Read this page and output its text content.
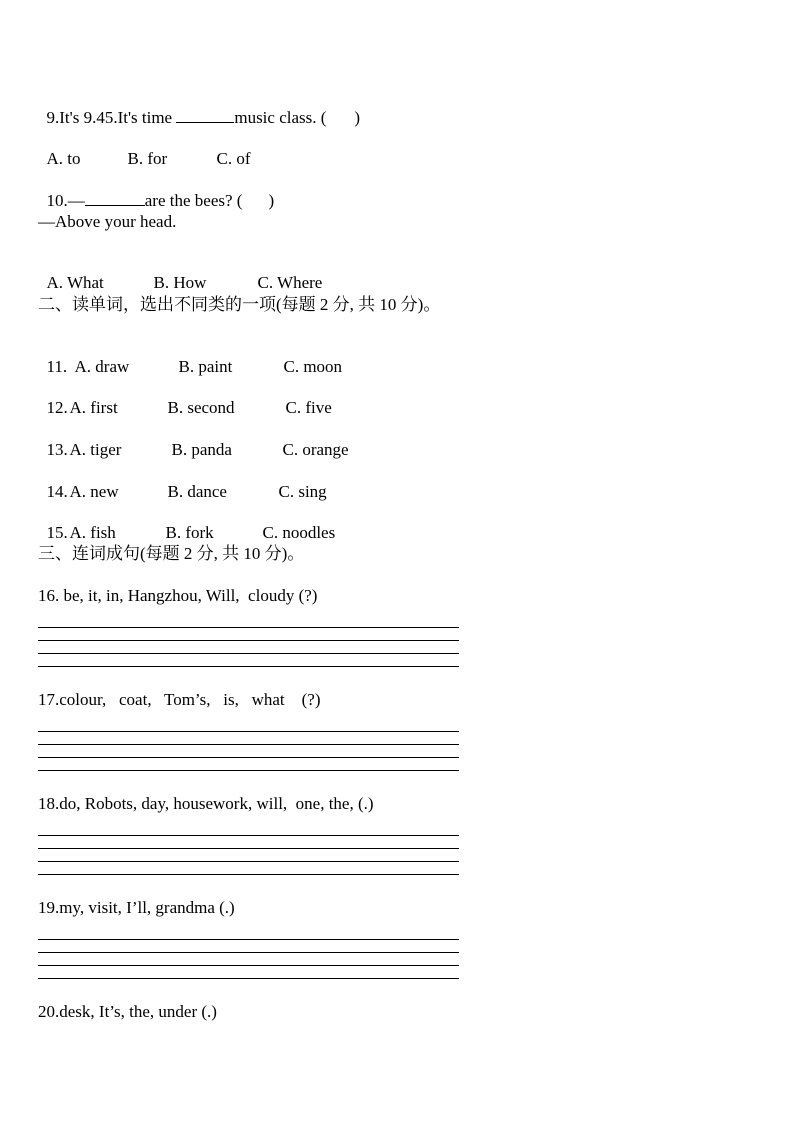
9.It's 9.45.It's time	music class. ( )

A. to	B. for	C. of

10.—	are the bees? ( )

—Above your head.

A. What	B. How	C. Where

二、读单词，选出不同类的一项(每题 2 分, 共 10 分)。

11. A. draw	B. paint	C. moon

12. A. first	B. second	C. five

13. A. tiger	B. panda	C. orange

14. A. new	B. dance	C. sing

15. A. fish	B. fork	C. noodles

三、连词成句(每题 2 分, 共 10 分)。
16. be, it, in, Hangzhou, Will,  cloudy (?)
17.colour,   coat,   Tom’s,   is,   what    (?)
18.do, Robots, day, housework, will,  one, the, (.)
19.my, visit, I’ll, grandma (.)
20.desk, It’s, the, under (.)
